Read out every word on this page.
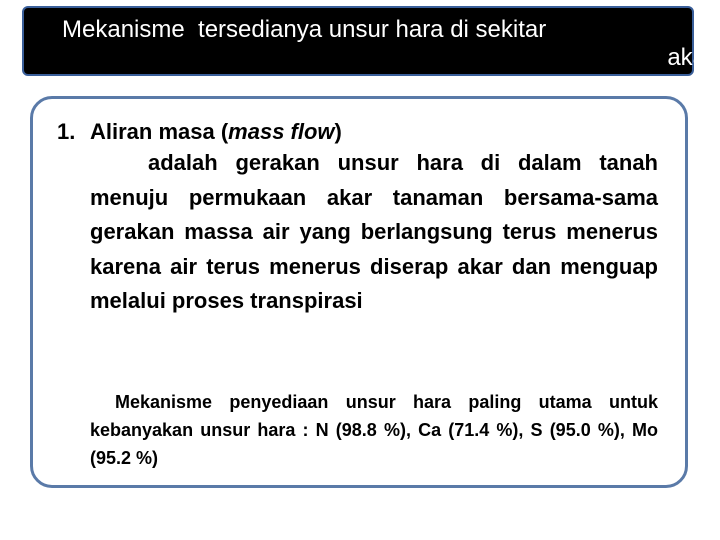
Mekanisme  tersedianya unsur hara di sekitar
akar

1. Aliran masa (mass flow)

adalah gerakan unsur hara di dalam tanah menuju permukaan akar tanaman bersama-sama gerakan massa air yang berlangsung terus menerus karena air terus menerus diserap akar dan menguap melalui proses transpirasi

Mekanisme penyediaan unsur hara paling utama untuk kebanyakan unsur hara : N (98.8 %), Ca (71.4 %), S (95.0 %), Mo (95.2 %)
